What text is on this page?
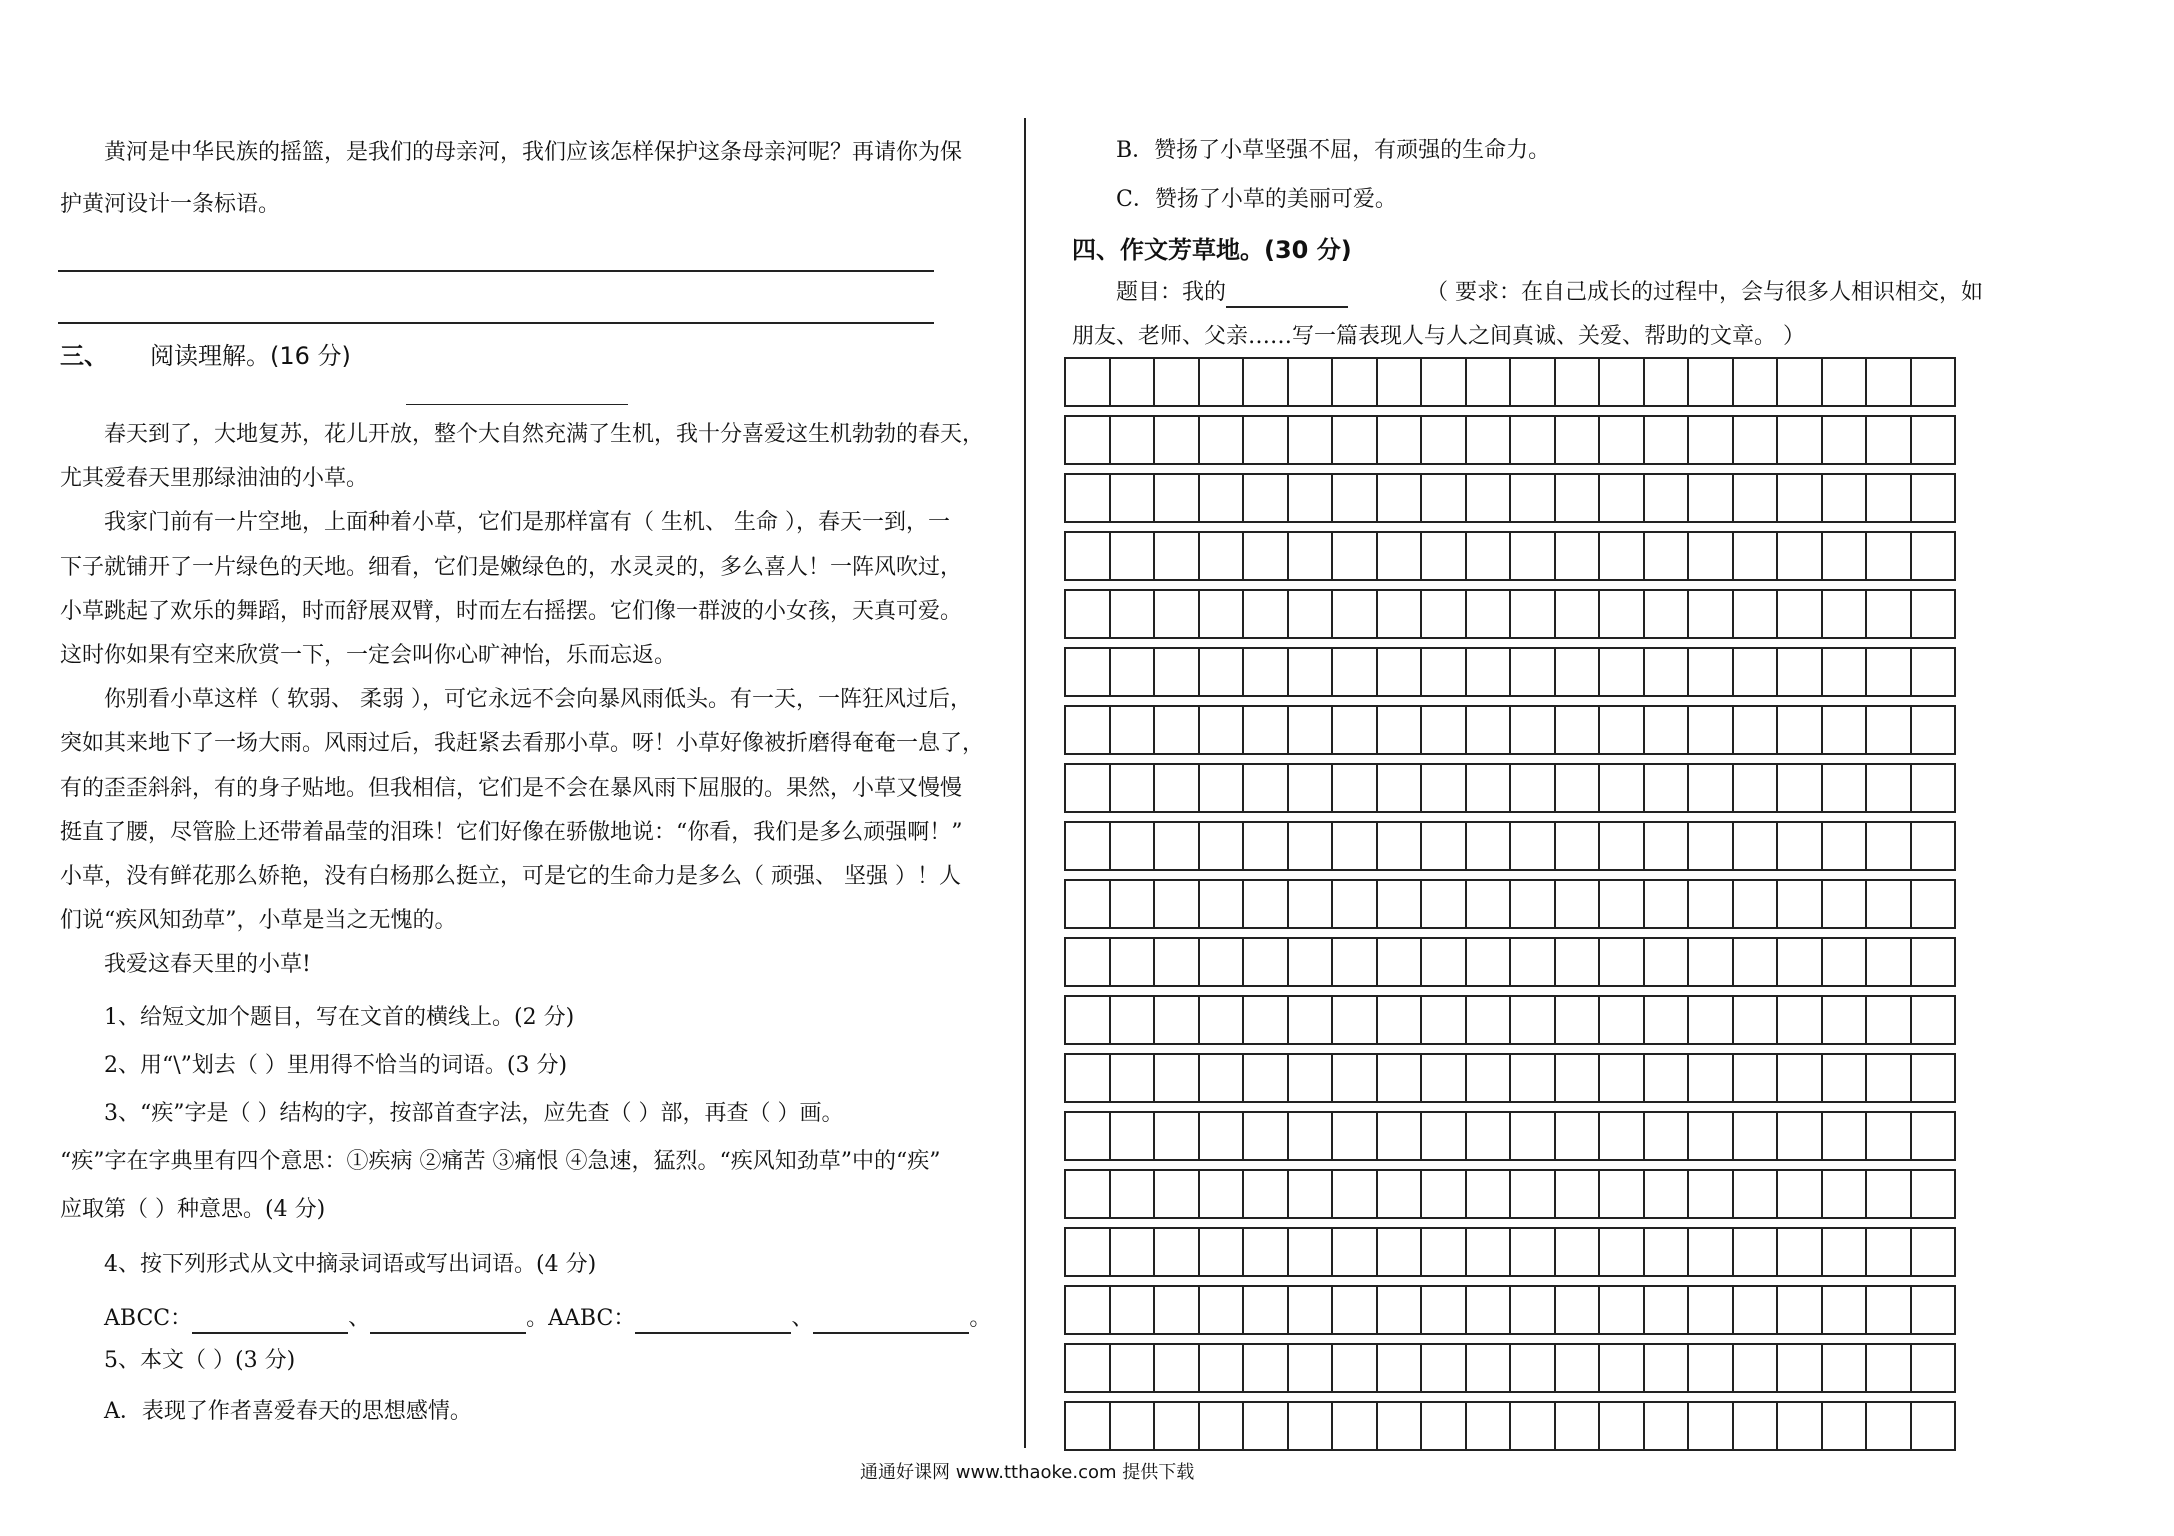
黄河是中华民族的摇篮，是我们的母亲河，我们应该怎样保护这条母亲河呢？再请你为保
护黄河设计一条标语。
三、 阅读理解。(16 分)
春天到了，大地复苏，花儿开放，整个大自然充满了生机，我十分喜爱这生机勃勃的春天，
尤其爱春天里那绿油油的小草。
我家门前有一片空地，上面种着小草，它们是那样富有（ 生机、 生命 ），春天一到，一
下子就铺开了一片绿色的天地。细看，它们是嫩绿色的，水灵灵的，多么喜人！一阵风吹过，
小草跳起了欢乐的舞蹈，时而舒展双臂，时而左右摇摆。它们像一群波的小女孩，天真可爱。
这时你如果有空来欣赏一下，一定会叫你心旷神怡，乐而忘返。
你别看小草这样（ 软弱、 柔弱 ），可它永远不会向暴风雨低头。有一天，一阵狂风过后，
突如其来地下了一场大雨。风雨过后，我赶紧去看那小草。呀！小草好像被折磨得奄奄一息了，
有的歪歪斜斜，有的身子贴地。但我相信，它们是不会在暴风雨下屈服的。果然，小草又慢慢
挺直了腰，尽管脸上还带着晶莹的泪珠！它们好像在骄傲地说：“你看，我们是多么顽强啊！”
小草，没有鲜花那么娇艳，没有白杨那么挺立，可是它的生命力是多么（ 顽强、 坚强 ）！人
们说“疾风知劲草”，小草是当之无愧的。
我爱这春天里的小草!
1、给短文加个题目，写在文首的横线上。(2 分)
2、用“\”划去（ ）里用得不恰当的词语。(3 分)
3、“疾”字是（ ）结构的字，按部首查字法，应先查（ ）部，再查（ ）画。
“疾”字在字典里有四个意思：①疾病 ②痛苦 ③痛恨 ④急速，猛烈。“疾风知劲草”中的“疾”
应取第（ ）种意思。(4 分)
4、按下列形式从文中摘录词语或写出词语。(4 分)
ABCC：	、	。AABC：	、	。
5、本文（ ）(3 分)
A．表现了作者喜爱春天的思想感情。
B．赞扬了小草坚强不屈，有顽强的生命力。
C．赞扬了小草的美丽可爱。
四、作文芳草地。(30 分)
题目：我的	（ 要求：在自己成长的过程中，会与很多人相识相交，如
朋友、老师、父亲……写一篇表现人与人之间真诚、关爱、帮助的文章。 ）
通通好课网 www.tthaoke.com 提供下载
